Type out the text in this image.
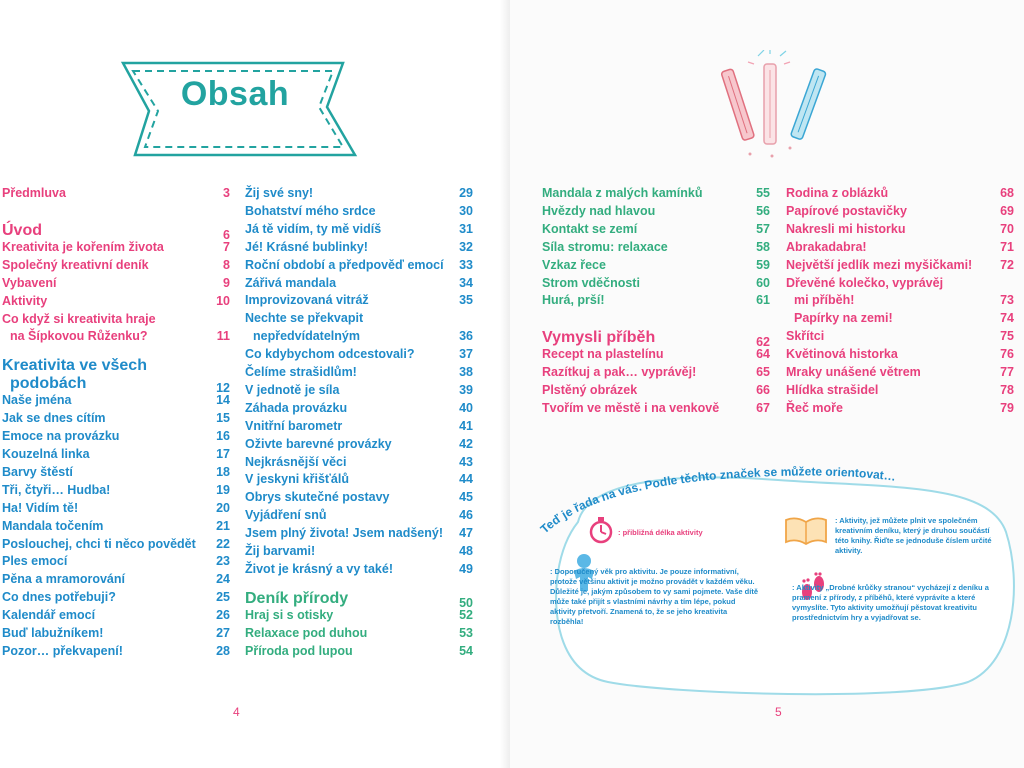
Obsah
Předmluva	3
Úvod	6
Kreativita je kořením života	7
Společný kreativní deník	8
Vybavení	9
Aktivity	10
Co když si kreativita hraje
na Šípkovou Růženku?	11
Kreativita ve všech
podobách	12
Naše jména	14
Jak se dnes cítím	15
Emoce na provázku	16
Kouzelná linka	17
Barvy štěstí	18
Tři, čtyři… Hudba!	19
Ha! Vidím tě!	20
Mandala točením	21
Poslouchej, chci ti něco povědět 22
Ples emocí	23
Pěna a mramorování	24
Co dnes potřebuji?	25
Kalendář emocí	26
Buď labužníkem!	27
Pozor… překvapení!	28
Žij své sny!	29
Bohatství mého srdce	30
Já tě vidím, ty mě vidíš	31
Jé! Krásné bublinky!	32
Roční období a předpověď emocí 33
Zářivá mandala	34
Improvizovaná vitráž	35
Nechte se překvapit
nepředvídatelným	36
Co kdybychom odcestovali?	37
Čelíme strašidlům!	38
V jednotě je síla	39
Záhada provázku	40
Vnitřní barometr	41
Oživte barevné provázky	42
Nejkrásnější věci	43
V jeskyni křišťálů	44
Obrys skutečné postavy	45
Vyjádření snů	46
Jsem plný života! Jsem nadšený! 47
Žij barvami!	48
Život je krásný a vy také!	49
Deník přírody	50
Hraj si s otisky	52
Relaxace pod duhou	53
Příroda pod lupou	54
4
Mandala z malých kamínků	55
Hvězdy nad hlavou	56
Kontakt se zemí	57
Síla stromu: relaxace	58
Vzkaz řece	59
Strom vděčnosti	60
Hurá, prší!	61
Vymysli příběh	62
Recept na plastelínu	64
Razítkuj a pak… vyprávěj!	65
Plstěný obrázek	66
Tvořím ve městě i na venkově	67
Rodina z oblázků	68
Papírové postavičky	69
Nakresli mi historku	70
Abrakadabra!	71
Největší jedlík mezi myšičkami! 72
Dřevěné kolečko, vyprávěj
mi příběh!	73
Papírky na zemi!	74
Skřítci	75
Květinová historka	76
Mraky unášené větrem	77
Hlídka strašidel	78
Řeč moře	79
Teď je řada na vás. Podle těchto značek se můžete orientovat…
: přibližná délka aktivity
: Doporučený věk pro aktivitu. Je pouze informativní, protože většinu aktivit je možno provádět v každém věku. Důležité je, jakým způsobem to vy sami pojmete. Vaše dítě může také přijít s vlastními návrhy a tím lépe, pokud aktivity přetvoří. Znamená to, že se jeho kreativita rozběhla!
: Aktivity, jež můžete plnit ve společném kreativním deníku, který je druhou součástí této knihy. Řiďte se jednoduše číslem určité aktivity.
: Aktivity „Drobné krůčky stranou“ vycházejí z deníku a pramení z přírody, z příběhů, které vyprávíte a které vymyslíte. Tyto aktivity umožňují pěstovat kreativitu prostřednictvím hry a vyjadřovat se.
5
